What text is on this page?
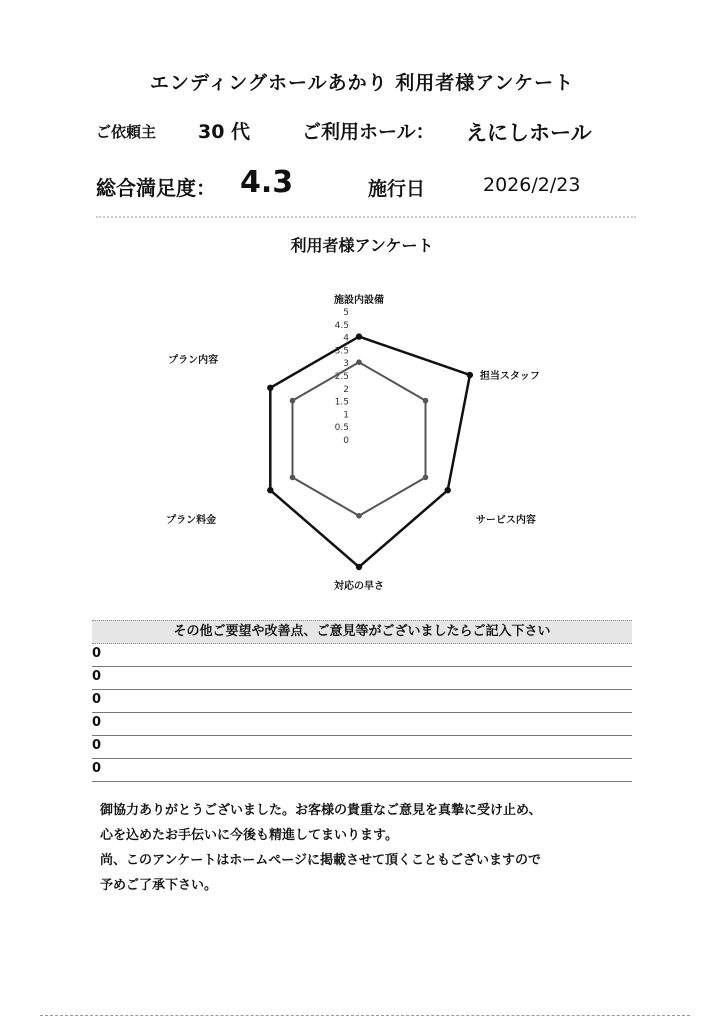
エンディングホールあかり 利用者様アンケート
ご依頼主 30 代	ご利用ホール： えにしホール
総合満足度： 4.3	施行日	2026/2/23
利用者様アンケート
5
4.5
4
3.5
3
2.5
2
1.5
1
0.5
0
施設内設備
担当スタッフ
サービス内容
対応の早さ
プラン料金
プラン内容
その他ご要望や改善点、ご意見等がございましたらご記入下さい
0
0
0
0
0
0
御協力ありがとうございました。お客様の貴重なご意見を真摯に受け止め、
心を込めたお手伝いに今後も精進してまいります。
尚、このアンケートはホームページに掲載させて頂くこともございますので
予めご了承下さい。
